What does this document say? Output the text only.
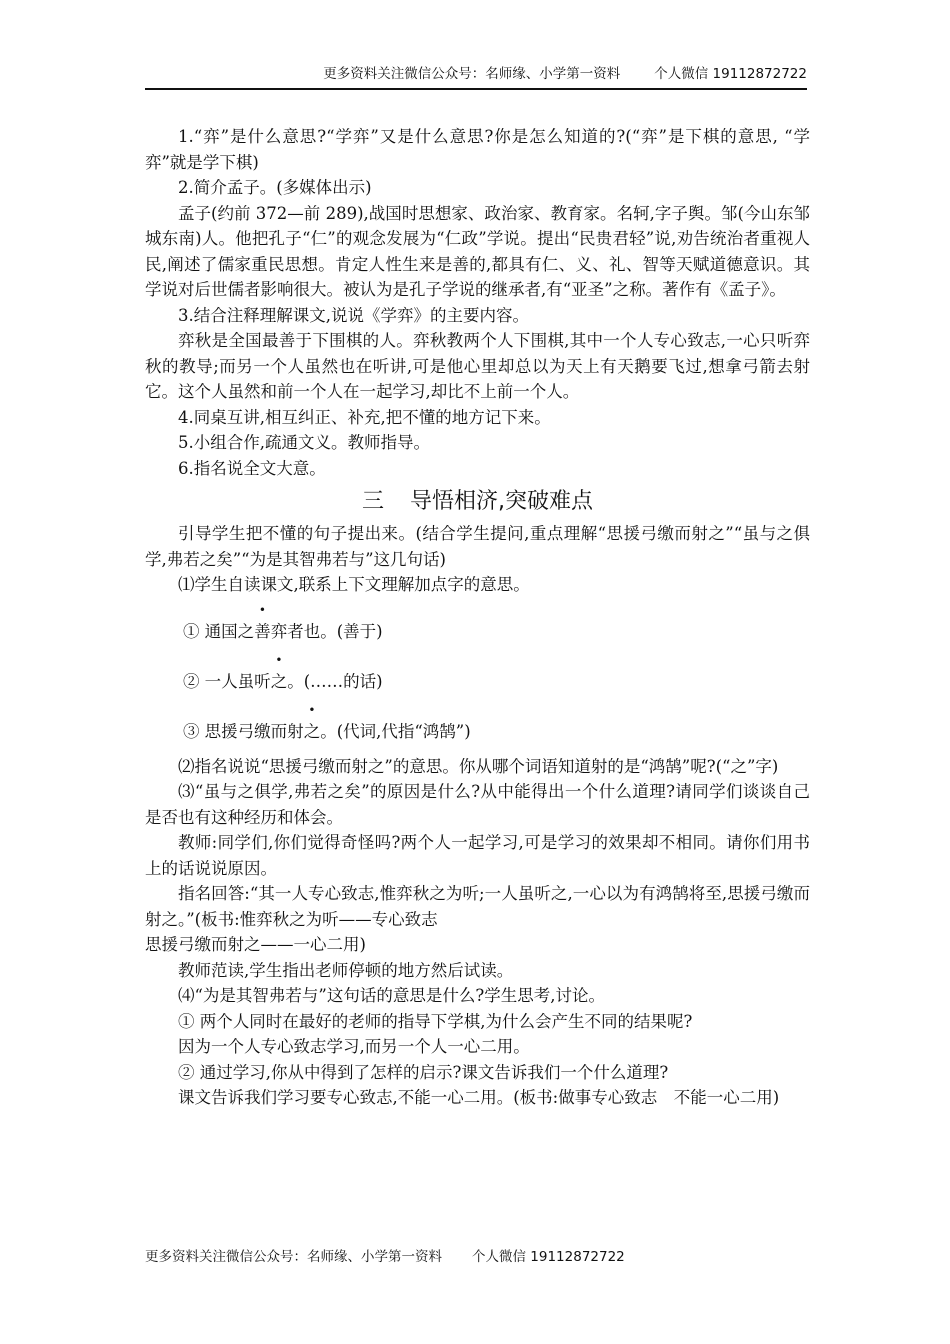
更多资料关注微信公众号：名师缘、小学第一资料	个人微信 19112872722

1.“弈”是什么意思?“学弈”又是什么意思?你是怎么知道的?(“弈”是下棋的意思, “学弈”就是学下棋)

2.简介孟子。(多媒体出示)

孟子(约前 372—前 289),战国时思想家、政治家、教育家。名轲,字子舆。邹(今山东邹城东南)人。他把孔子“仁”的观念发展为“仁政”学说。提出“民贵君轻”说,劝告统治者重视人民,阐述了儒家重民思想。肯定人性生来是善的,都具有仁、义、礼、智等天赋道德意识。其学说对后世儒者影响很大。被认为是孔子学说的继承者,有“亚圣”之称。著作有《孟子》。

3.结合注释理解课文,说说《学弈》的主要内容。

弈秋是全国最善于下围棋的人。弈秋教两个人下围棋,其中一个人专心致志,一心只听弈秋的教导;而另一个人虽然也在听讲,可是他心里却总以为天上有天鹅要飞过,想拿弓箭去射它。这个人虽然和前一个人在一起学习,却比不上前一个人。

4.同桌互讲,相互纠正、补充,把不懂的地方记下来。

5.小组合作,疏通文义。教师指导。

6.指名说全文大意。

三 导悟相济,突破难点

引导学生把不懂的句子提出来。(结合学生提问,重点理解“思援弓缴而射之”“虽与之俱学,弗若之矣”“为是其智弗若与”这几句话)

⑴学生自读课文,联系上下文理解加点字的意思。

① 通国之善弈者也。(善于)
② 一人虽听之。(……的话)
③ 思援弓缴而射之。(代词,代指“鸿鹄”)

⑵指名说说“思援弓缴而射之”的意思。你从哪个词语知道射的是“鸿鹄”呢?(“之”字)

⑶“虽与之俱学,弗若之矣”的原因是什么?从中能得出一个什么道理?请同学们谈谈自己是否也有这种经历和体会。

教师:同学们,你们觉得奇怪吗?两个人一起学习,可是学习的效果却不相同。请你们用书上的话说说原因。

指名回答:“其一人专心致志,惟弈秋之为听;一人虽听之,一心以为有鸿鹄将至,思援弓缴而射之。”(板书:惟弈秋之为听——专心致志

思援弓缴而射之——一心二用)

教师范读,学生指出老师停顿的地方然后试读。

⑷“为是其智弗若与”这句话的意思是什么?学生思考,讨论。

① 两个人同时在最好的老师的指导下学棋,为什么会产生不同的结果呢?

因为一个人专心致志学习,而另一个人一心二用。

② 通过学习,你从中得到了怎样的启示?课文告诉我们一个什么道理?

课文告诉我们学习要专心致志,不能一心二用。(板书:做事专心致志　不能一心二用)

更多资料关注微信公众号：名师缘、小学第一资料 个人微信 19112872722
